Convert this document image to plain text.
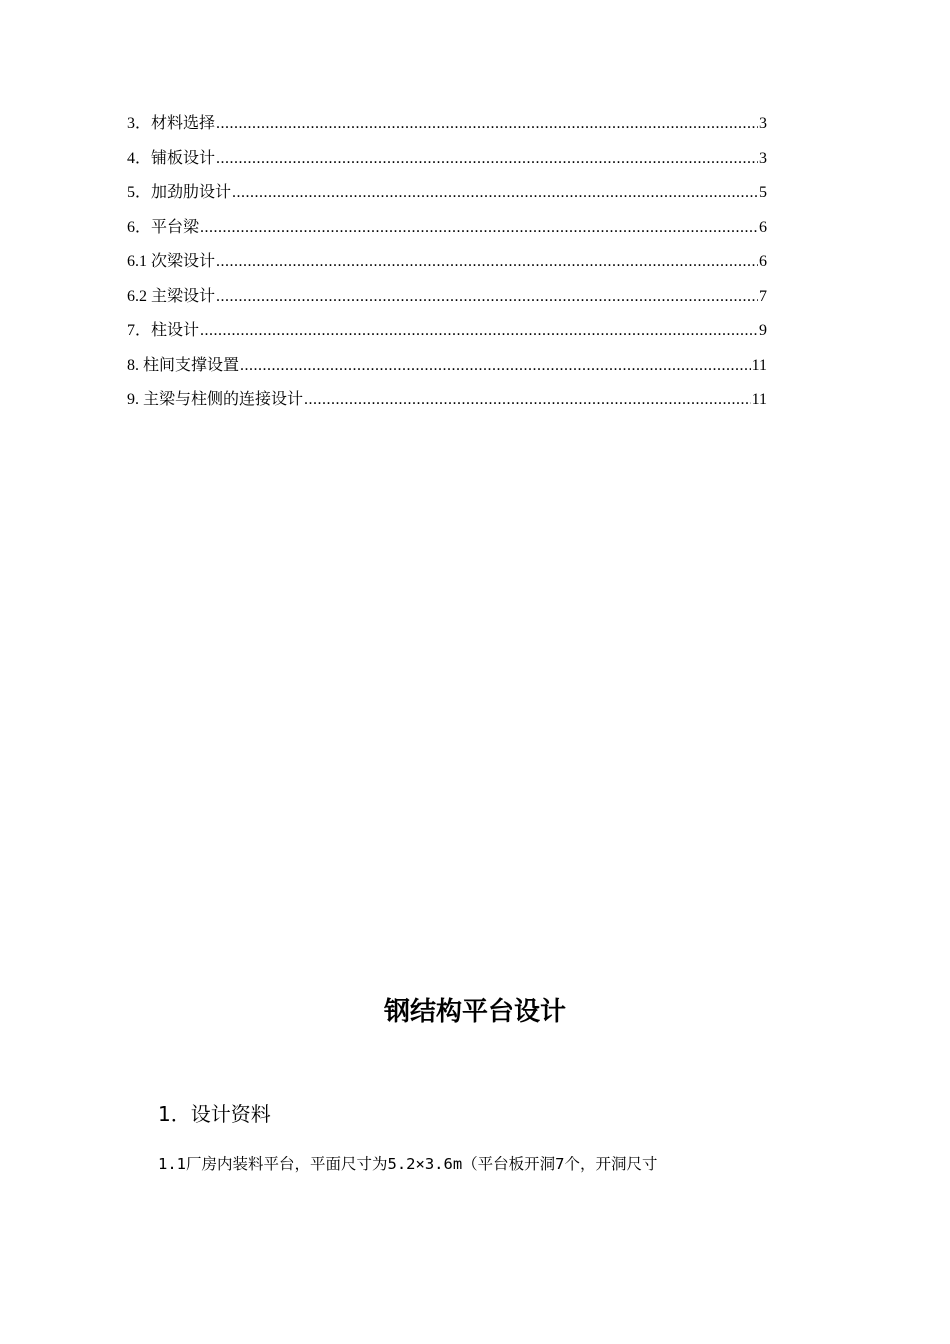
3．材料选择 .....	3
4．铺板设计 .....	3
5．加劲肋设计 .....	5
6．平台梁 .....	6
6.1 次梁设计 .....	6
6.2 主梁设计 .....	7
7．柱设计 .....	9
8. 柱间支撑设置 .....	11
9. 主梁与柱侧的连接设计 .....	11
钢结构平台设计
1．设计资料

1.1厂房内装料平台，平面尺寸为5.2×3.6m（平台板开洞7个，开洞尺寸
